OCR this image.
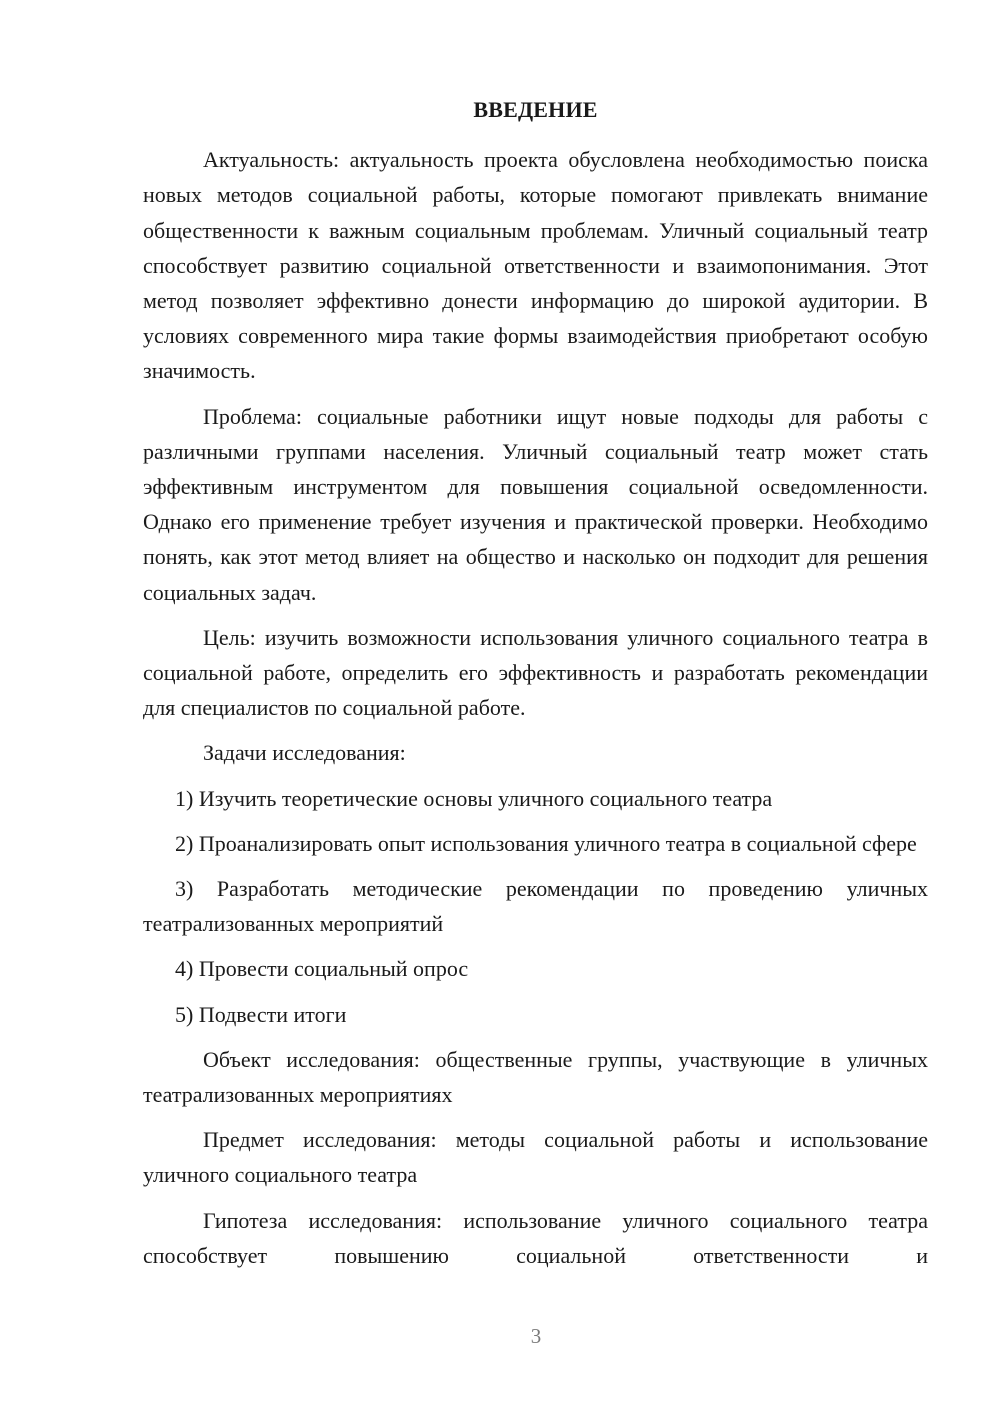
ВВЕДЕНИЕ

Актуальность: актуальность проекта обусловлена необходимостью поиска новых методов социальной работы, которые помогают привлекать внимание общественности к важным социальным проблемам. Уличный социальный театр способствует развитию социальной ответственности и взаимопонимания. Этот метод позволяет эффективно донести информацию до широкой аудитории. В условиях современного мира такие формы взаимодействия приобретают особую значимость.

Проблема: социальные работники ищут новые подходы для работы с различными группами населения. Уличный социальный театр может стать эффективным инструментом для повышения социальной осведомленности. Однако его применение требует изучения и практической проверки. Необходимо понять, как этот метод влияет на общество и насколько он подходит для решения социальных задач.

Цель: изучить возможности использования уличного социального театра в социальной работе, определить его эффективность и разработать рекомендации для специалистов по социальной работе.

Задачи исследования:

1) Изучить теоретические основы уличного социального театра

2) Проанализировать опыт использования уличного театра в социальной сфере

3) Разработать методические рекомендации по проведению уличных театрализованных мероприятий

4) Провести социальный опрос

5) Подвести итоги

Объект исследования: общественные группы, участвующие в уличных театрализованных мероприятиях

Предмет исследования: методы социальной работы и использование уличного социального театра

Гипотеза исследования: использование уличного социального театра способствует повышению социальной ответственности и

3
